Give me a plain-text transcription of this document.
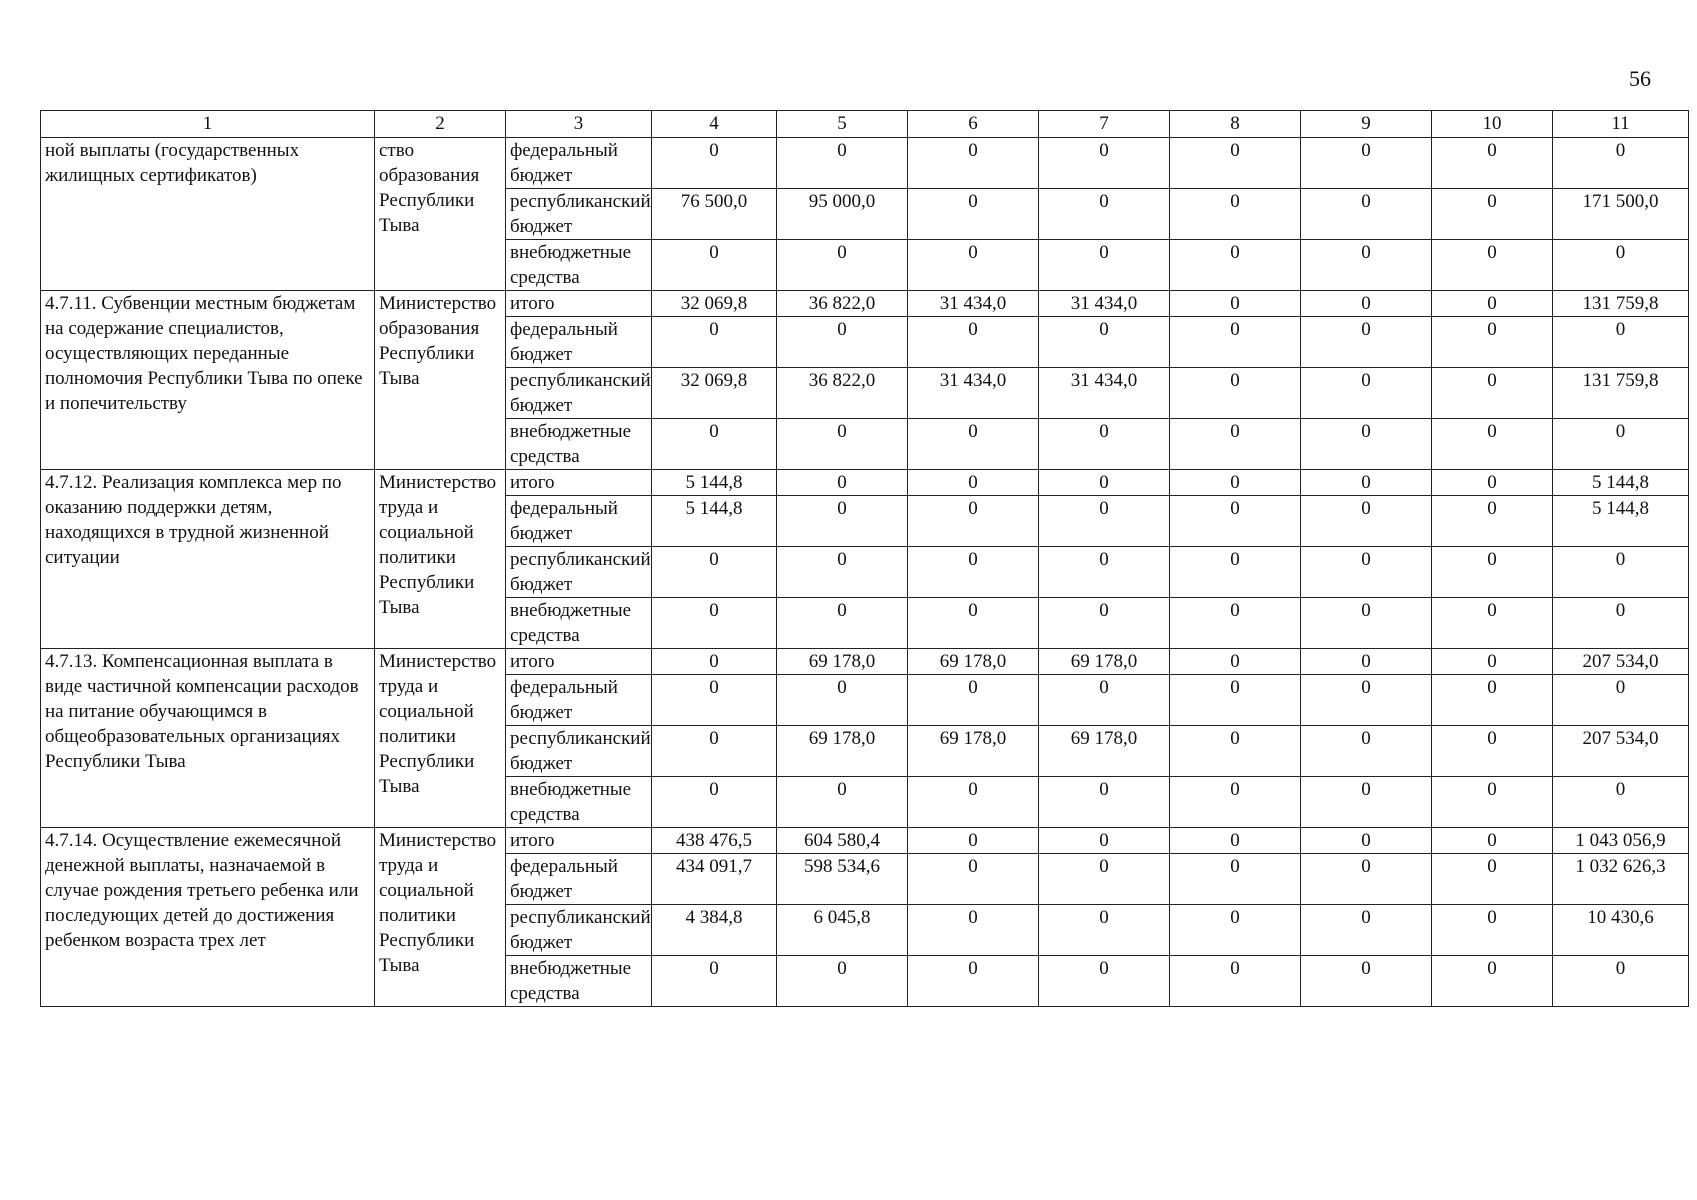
56
1	2	3	4	5	6	7	8	9	10	11
ной выплаты (государственных жилищных сертификатов)	ство образования Республики Тыва	федеральный бюджет	0	0	0	0	0	0	0	0
		республиканский бюджет	76 500,0	95 000,0	0	0	0	0	0	171 500,0
		внебюджетные средства	0	0	0	0	0	0	0	0
4.7.11. Субвенции местным бюджетам на содержание специалистов, осуществляющих переданные полномочия Республики Тыва по опеке и попечительству	Министерство образования Республики Тыва	итого	32 069,8	36 822,0	31 434,0	31 434,0	0	0	0	131 759,8
		федеральный бюджет	0	0	0	0	0	0	0	0
		республиканский бюджет	32 069,8	36 822,0	31 434,0	31 434,0	0	0	0	131 759,8
		внебюджетные средства	0	0	0	0	0	0	0	0
4.7.12. Реализация комплекса мер по оказанию поддержки детям, находящихся в трудной жизненной ситуации	Министерство труда и социальной политики Республики Тыва	итого	5 144,8	0	0	0	0	0	0	5 144,8
		федеральный бюджет	5 144,8	0	0	0	0	0	0	5 144,8
		республиканский бюджет	0	0	0	0	0	0	0	0
		внебюджетные средства	0	0	0	0	0	0	0	0
4.7.13. Компенсационная выплата в виде частичной компенсации расходов на питание обучающимся в общеобразовательных организациях Республики Тыва	Министерство труда и социальной политики Республики Тыва	итого	0	69 178,0	69 178,0	69 178,0	0	0	0	207 534,0
		федеральный бюджет	0	0	0	0	0	0	0	0
		республиканский бюджет	0	69 178,0	69 178,0	69 178,0	0	0	0	207 534,0
		внебюджетные средства	0	0	0	0	0	0	0	0
4.7.14. Осуществление ежемесячной денежной выплаты, назначаемой в случае рождения третьего ребенка или последующих детей до достижения ребенком возраста трех лет	Министерство труда и социальной политики Республики Тыва	итого	438 476,5	604 580,4	0	0	0	0	0	1 043 056,9
		федеральный бюджет	434 091,7	598 534,6	0	0	0	0	0	1 032 626,3
		республиканский бюджет	4 384,8	6 045,8	0	0	0	0	0	10 430,6
		внебюджетные средства	0	0	0	0	0	0	0	0
